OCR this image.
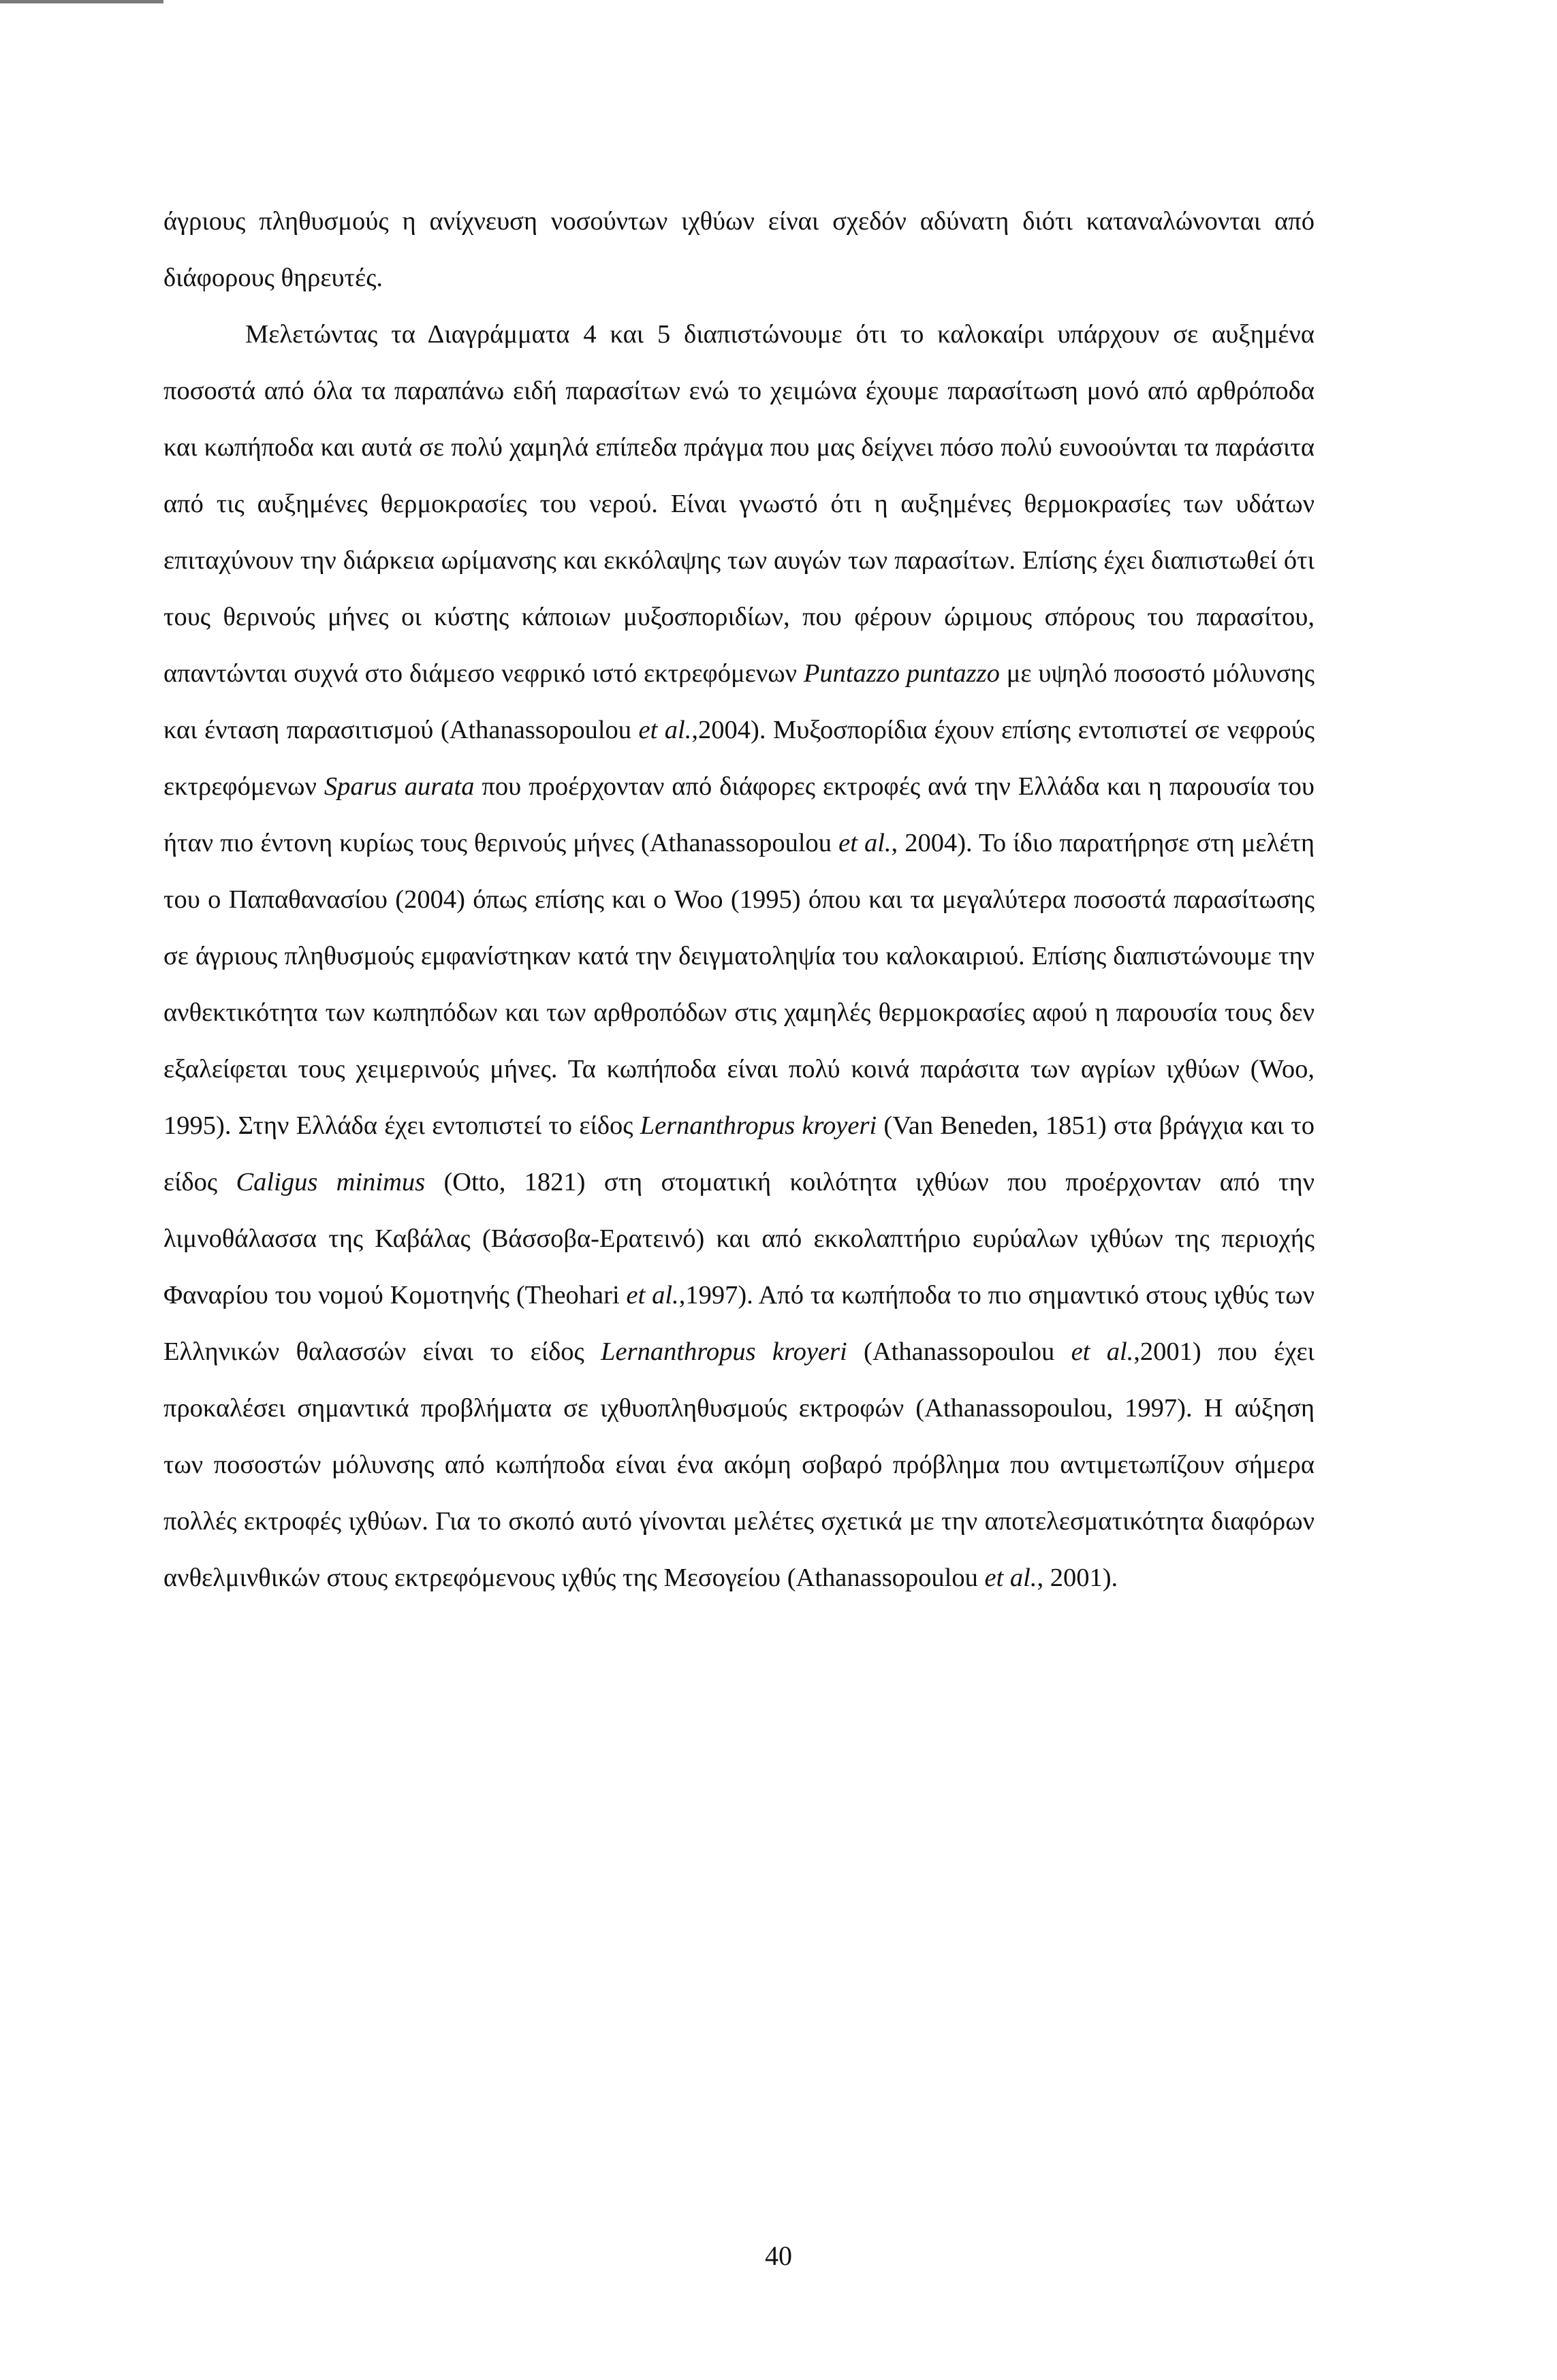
άγριους πληθυσμούς η ανίχνευση νοσούντων ιχθύων είναι σχεδόν αδύνατη διότι καταναλώνονται από διάφορους θηρευτές.

Μελετώντας τα Διαγράμματα 4 και 5 διαπιστώνουμε ότι το καλοκαίρι υπάρχουν σε αυξημένα ποσοστά από όλα τα παραπάνω ειδή παρασίτων ενώ το χειμώνα έχουμε παρασίτωση μονό από αρθρόποδα και κωπήποδα και αυτά σε πολύ χαμηλά επίπεδα πράγμα που μας δείχνει πόσο πολύ ευνοούνται τα παράσιτα από τις αυξημένες θερμοκρασίες του νερού. Είναι γνωστό ότι η αυξημένες θερμοκρασίες των υδάτων επιταχύνουν την διάρκεια ωρίμανσης και εκκόλαψης των αυγών των παρασίτων. Επίσης έχει διαπιστωθεί ότι τους θερινούς μήνες οι κύστης κάποιων μυξοσποριδίων, που φέρουν ώριμους σπόρους του παρασίτου, απαντώνται συχνά στο διάμεσο νεφρικό ιστό εκτρεφόμενων Puntazzo puntazzo με υψηλό ποσοστό μόλυνσης και ένταση παρασιτισμού (Athanassopoulou et al.,2004). Μυξοσπορίδια έχουν επίσης εντοπιστεί σε νεφρούς εκτρεφόμενων Sparus aurata που προέρχονταν από διάφορες εκτροφές ανά την Ελλάδα και η παρουσία του ήταν πιο έντονη κυρίως τους θερινούς μήνες (Athanassopoulou et al., 2004). Το ίδιο παρατήρησε στη μελέτη του ο Παπαθανασίου (2004) όπως επίσης και ο Woo (1995) όπου και τα μεγαλύτερα ποσοστά παρασίτωσης σε άγριους πληθυσμούς εμφανίστηκαν κατά την δειγματοληψία του καλοκαιριού. Επίσης διαπιστώνουμε την ανθεκτικότητα των κωπηπόδων και των αρθροπόδων στις χαμηλές θερμοκρασίες αφού η παρουσία τους δεν εξαλείφεται τους χειμερινούς μήνες. Τα κωπήποδα είναι πολύ κοινά παράσιτα των αγρίων ιχθύων (Woo, 1995). Στην Ελλάδα έχει εντοπιστεί το είδος Lernanthropus kroyeri (Van Beneden, 1851) στα βράγχια και το είδος Caligus minimus (Otto, 1821) στη στοματική κοιλότητα ιχθύων που προέρχονταν από την λιμνοθάλασσα της Καβάλας (Βάσσοβα-Ερατεινό) και από εκκολαπτήριο ευρύαλων ιχθύων της περιοχής Φαναρίου του νομού Κομοτηνής (Theohari et al.,1997). Από τα κωπήποδα το πιο σημαντικό στους ιχθύς των Ελληνικών θαλασσών είναι το είδος Lernanthropus kroyeri (Athanassopoulou et al.,2001) που έχει προκαλέσει σημαντικά προβλήματα σε ιχθυοπληθυσμούς εκτροφών (Athanassopoulou, 1997). Η αύξηση των ποσοστών μόλυνσης από κωπήποδα είναι ένα ακόμη σοβαρό πρόβλημα που αντιμετωπίζουν σήμερα πολλές εκτροφές ιχθύων. Για το σκοπό αυτό γίνονται μελέτες σχετικά με την αποτελεσματικότητα διαφόρων ανθελμινθικών στους εκτρεφόμενους ιχθύς της Μεσογείου (Athanassopoulou et al., 2001).

40
